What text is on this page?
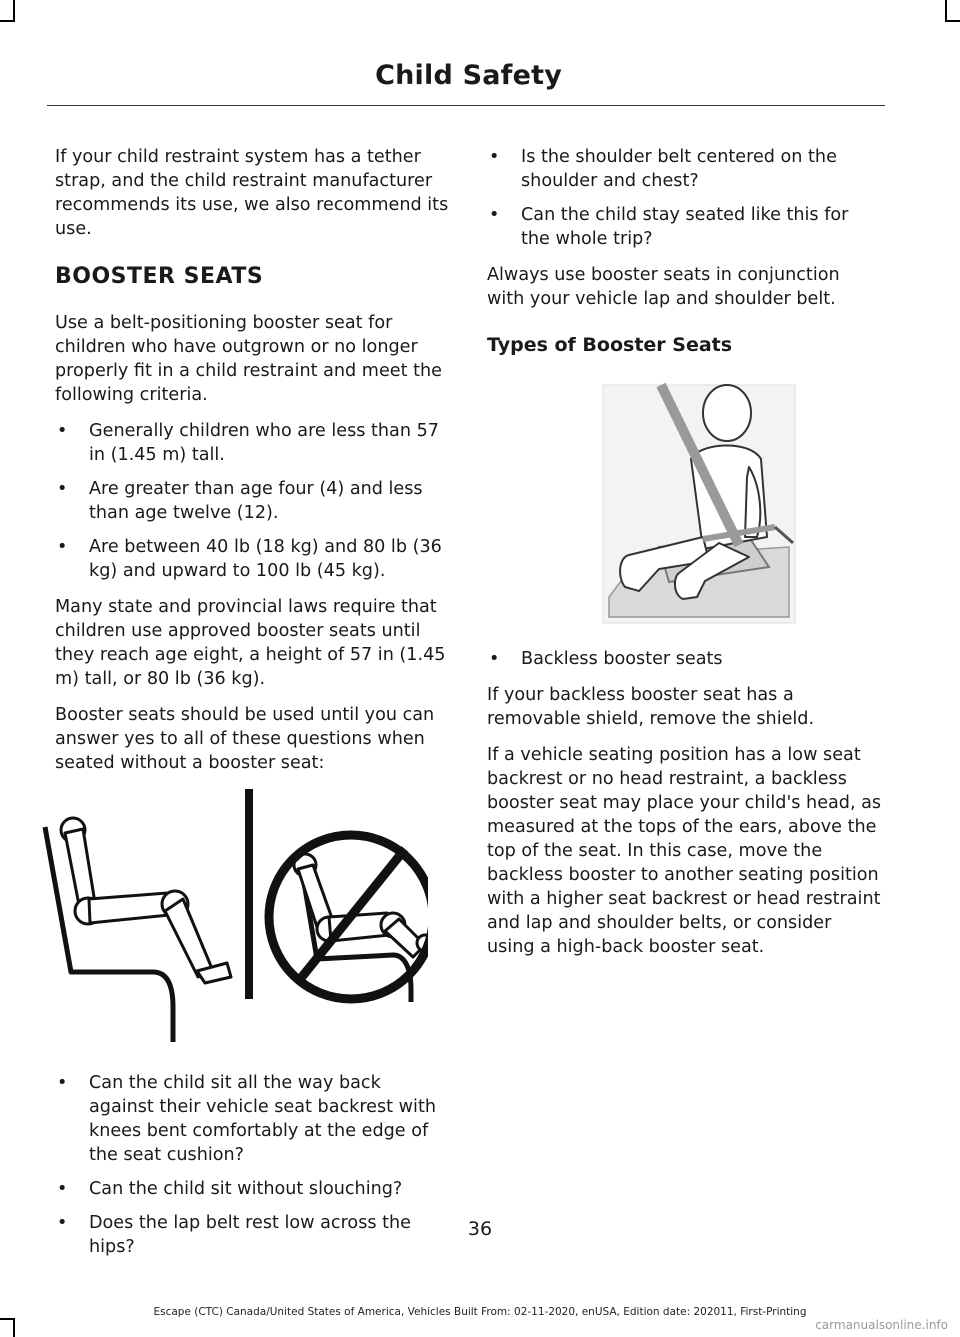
Child Safety

If your child restraint system has a tether strap, and the child restraint manufacturer recommends its use, we also recommend its use.

BOOSTER SEATS

Use a belt-positioning booster seat for children who have outgrown or no longer properly fit in a child restraint and meet the following criteria.

• Generally children who are less than 57 in (1.45 m) tall.
• Are greater than age four (4) and less than age twelve (12).
• Are between 40 lb (18 kg) and 80 lb (36 kg) and upward to 100 lb (45 kg).

Many state and provincial laws require that children use approved booster seats until they reach age eight, a height of 57 in (1.45 m) tall, or 80 lb (36 kg).

Booster seats should be used until you can answer yes to all of these questions when seated without a booster seat:

• Can the child sit all the way back against their vehicle seat backrest with knees bent comfortably at the edge of the seat cushion?
• Can the child sit without slouching?
• Does the lap belt rest low across the hips?
• Is the shoulder belt centered on the shoulder and chest?
• Can the child stay seated like this for the whole trip?

Always use booster seats in conjunction with your vehicle lap and shoulder belt.

Types of Booster Seats
• Backless booster seats

If your backless booster seat has a removable shield, remove the shield.

If a vehicle seating position has a low seat backrest or no head restraint, a backless booster seat may place your child's head, as measured at the tops of the ears, above the top of the seat. In this case, move the backless booster to another seating position with a higher seat backrest or head restraint and lap and shoulder belts, or consider using a high-back booster seat.

36
Escape (CTC) Canada/United States of America, Vehicles Built From: 02-11-2020, enUSA, Edition date: 202011, First-Printing
carmanualsonline.info
